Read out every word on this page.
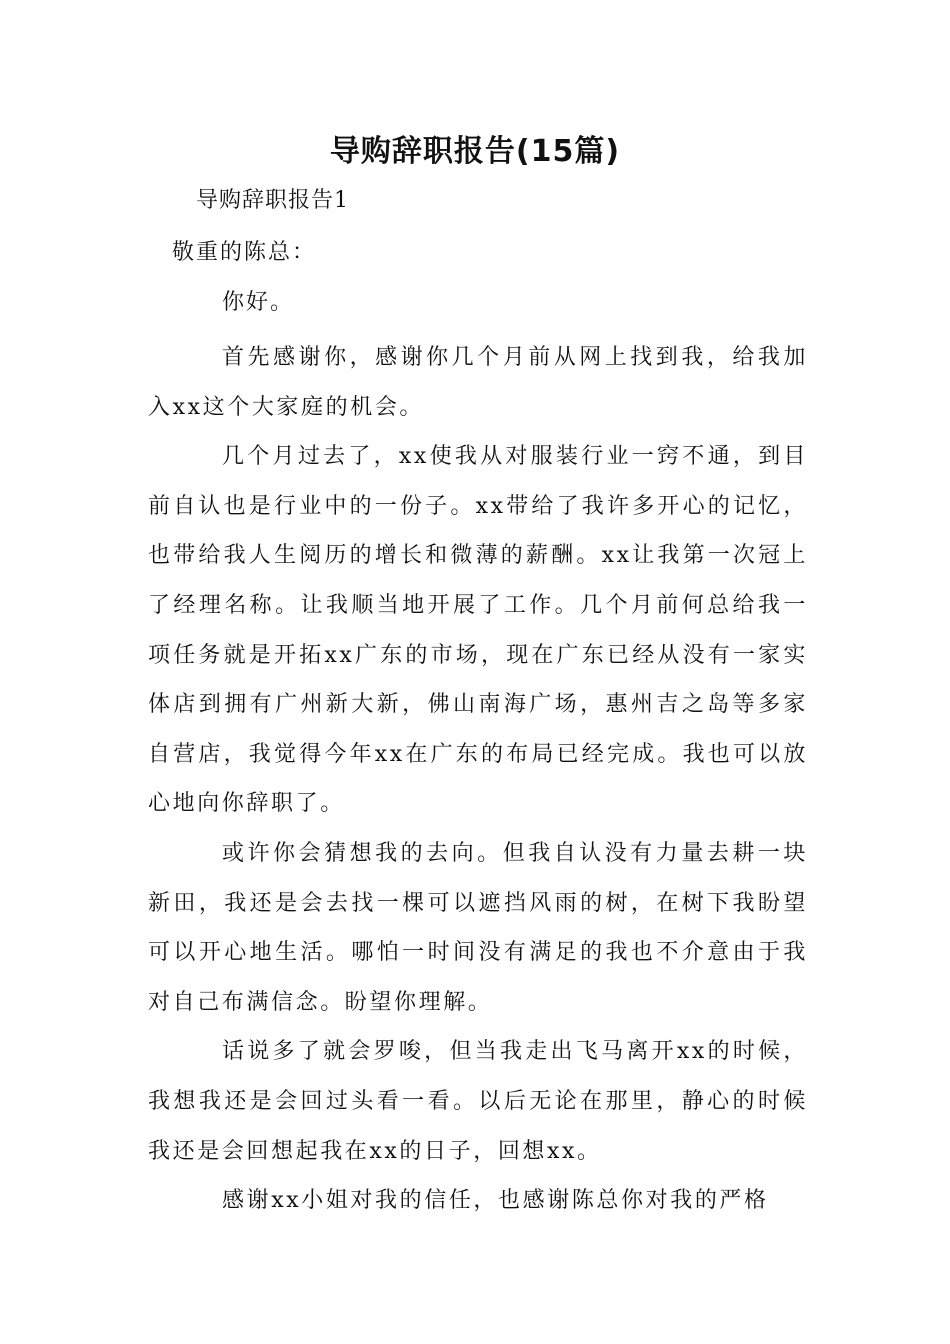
导购辞职报告(15篇)

导购辞职报告1

敬重的陈总：

你好。

首先感谢你，感谢你几个月前从网上找到我，给我加入xx这个大家庭的机会。

几个月过去了，xx使我从对服装行业一窍不通，到目前自认也是行业中的一份子。xx带给了我许多开心的记忆，也带给我人生阅历的增长和微薄的薪酬。xx让我第一次冠上了经理名称。让我顺当地开展了工作。几个月前何总给我一项任务就是开拓xx广东的市场，现在广东已经从没有一家实体店到拥有广州新大新，佛山南海广场，惠州吉之岛等多家自营店，我觉得今年xx在广东的布局已经完成。我也可以放心地向你辞职了。

或许你会猜想我的去向。但我自认没有力量去耕一块新田，我还是会去找一棵可以遮挡风雨的树，在树下我盼望可以开心地生活。哪怕一时间没有满足的我也不介意由于我对自己布满信念。盼望你理解。

话说多了就会罗唆，但当我走出飞马离开xx的时候，我想我还是会回过头看一看。以后无论在那里，静心的时候我还是会回想起我在xx的日子，回想xx。

感谢xx小姐对我的信任，也感谢陈总你对我的严格
